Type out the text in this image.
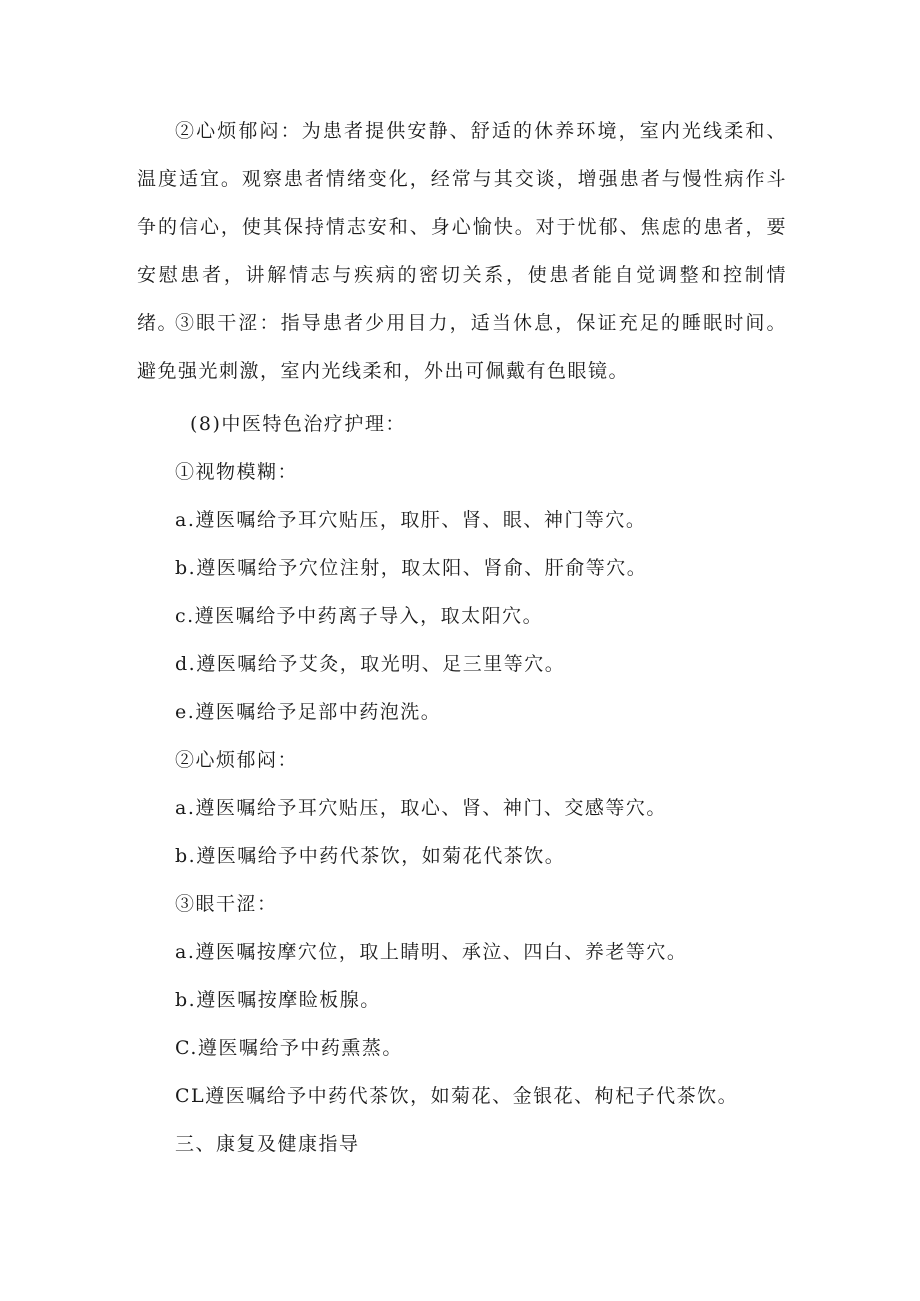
②心烦郁闷：为患者提供安静、舒适的休养环境，室内光线柔和、温度适宜。观察患者情绪变化，经常与其交谈，增强患者与慢性病作斗争的信心，使其保持情志安和、身心愉快。对于忧郁、焦虑的患者，要安慰患者，讲解情志与疾病的密切关系，使患者能自觉调整和控制情绪。

③眼干涩：指导患者少用目力，适当休息，保证充足的睡眠时间。避免强光刺激，室内光线柔和，外出可佩戴有色眼镜。

(8)中医特色治疗护理：

①视物模糊：

a.遵医嘱给予耳穴贴压，取肝、肾、眼、神门等穴。

b.遵医嘱给予穴位注射，取太阳、肾俞、肝俞等穴。

c.遵医嘱给予中药离子导入，取太阳穴。

d.遵医嘱给予艾灸，取光明、足三里等穴。

e.遵医嘱给予足部中药泡洗。

②心烦郁闷：

a.遵医嘱给予耳穴贴压，取心、肾、神门、交感等穴。

b.遵医嘱给予中药代茶饮，如菊花代茶饮。

③眼干涩：

a.遵医嘱按摩穴位，取上睛明、承泣、四白、养老等穴。

b.遵医嘱按摩睑板腺。

C.遵医嘱给予中药熏蒸。

CL遵医嘱给予中药代茶饮，如菊花、金银花、枸杞子代茶饮。

三、康复及健康指导
